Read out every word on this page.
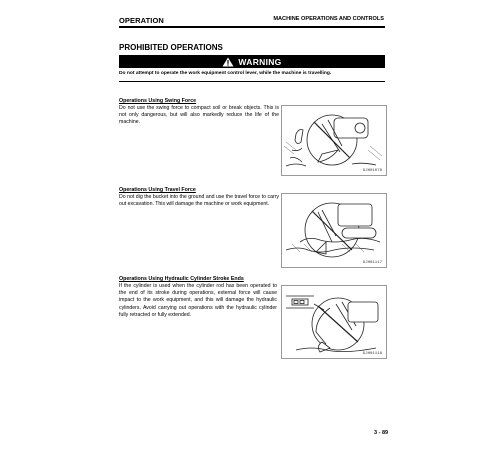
OPERATION	MACHINE OPERATIONS AND CONTROLS
PROHIBITED OPERATIONS
WARNING
Do not attempt to operate the work equipment control lever, while the machine is travelling.
Operations Using Swing Force
Do not use the swing force to compact soil or break objects. This is not only dangerous, but will also markedly reduce the life of the machine.
9JH01078
Operations Using Travel Force
Do not dig the bucket into the ground and use the travel force to carry out excavation. This will damage the machine or work equipment.
9JH01117
Operations Using Hydraulic Cylinder Stroke Ends
If the cylinder is used when the cylinder rod has been operated to the end of its stroke during operations, external force will cause impact to the work equipment, and this will damage the hydraulic cylinders. Avoid carrying out operations with the hydraulic cylinder fully retracted or fully extended.
9JH01118
3 - 89
